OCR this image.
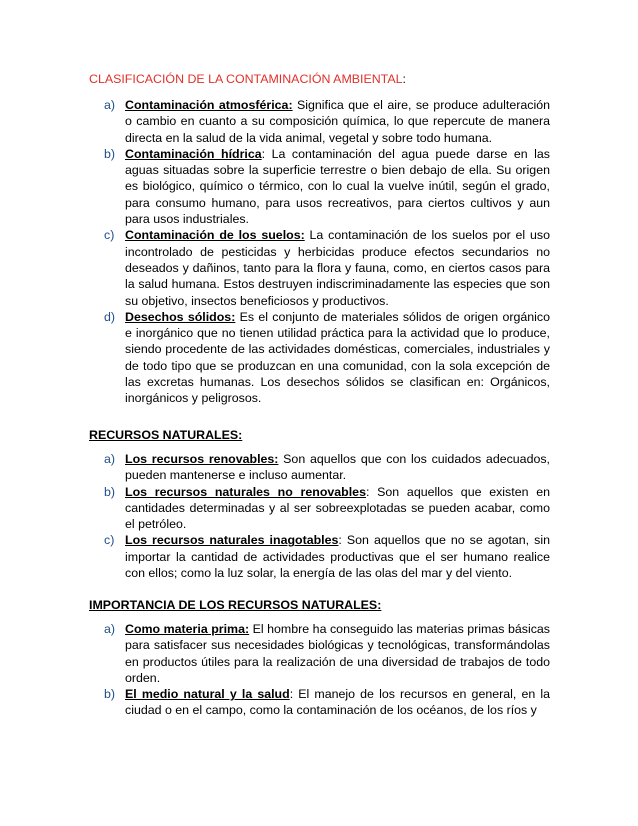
CLASIFICACIÓN DE LA CONTAMINACIÓN AMBIENTAL:
a) Contaminación atmosférica: Significa que el aire, se produce adulteración o cambio en cuanto a su composición química, lo que repercute de manera directa en la salud de la vida animal, vegetal y sobre todo humana.
b) Contaminación hídrica: La contaminación del agua puede darse en las aguas situadas sobre la superficie terrestre o bien debajo de ella. Su origen es biológico, químico o térmico, con lo cual la vuelve inútil, según el grado, para consumo humano, para usos recreativos, para ciertos cultivos y aun para usos industriales.
c) Contaminación de los suelos: La contaminación de los suelos por el uso incontrolado de pesticidas y herbicidas produce efectos secundarios no deseados y dañinos, tanto para la flora y fauna, como, en ciertos casos para la salud humana. Estos destruyen indiscriminadamente las especies que son su objetivo, insectos beneficiosos y productivos.
d) Desechos sólidos: Es el conjunto de materiales sólidos de origen orgánico e inorgánico que no tienen utilidad práctica para la actividad que lo produce, siendo procedente de las actividades domésticas, comerciales, industriales y de todo tipo que se produzcan en una comunidad, con la sola excepción de las excretas humanas. Los desechos sólidos se clasifican en: Orgánicos, inorgánicos y peligrosos.
RECURSOS NATURALES:
a) Los recursos renovables: Son aquellos que con los cuidados adecuados, pueden mantenerse e incluso aumentar.
b) Los recursos naturales no renovables: Son aquellos que existen en cantidades determinadas y al ser sobreexplotadas se pueden acabar, como el petróleo.
c) Los recursos naturales inagotables: Son aquellos que no se agotan, sin importar la cantidad de actividades productivas que el ser humano realice con ellos; como la luz solar, la energía de las olas del mar y del viento.
IMPORTANCIA DE LOS RECURSOS NATURALES:
a) Como materia prima: El hombre ha conseguido las materias primas básicas para satisfacer sus necesidades biológicas y tecnológicas, transformándolas en productos útiles para la realización de una diversidad de trabajos de todo orden.
b) El medio natural y la salud: El manejo de los recursos en general, en la ciudad o en el campo, como la contaminación de los océanos, de los ríos y
